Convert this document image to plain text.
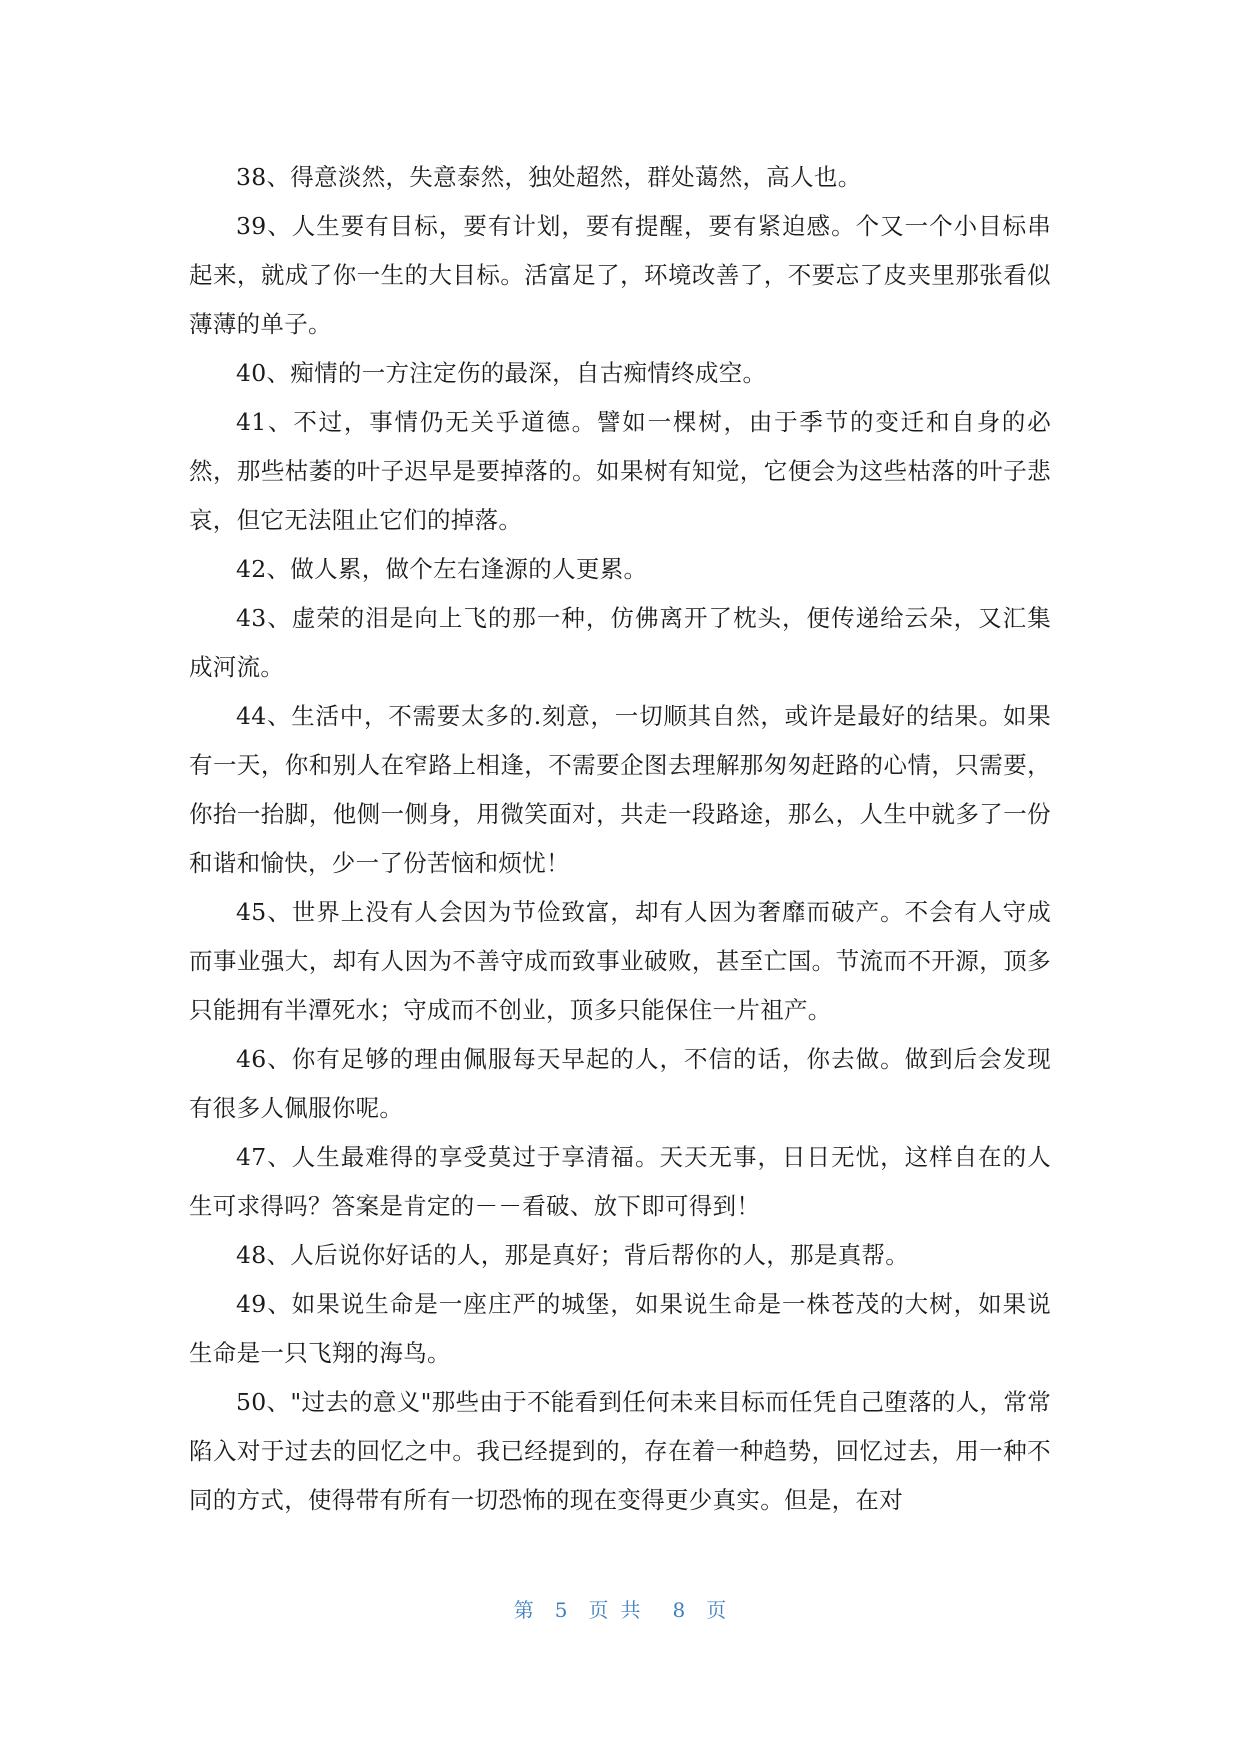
38、得意淡然，失意泰然，独处超然，群处蔼然，高人也。

39、人生要有目标，要有计划，要有提醒，要有紧迫感。个又一个小目标串起来，就成了你一生的大目标。活富足了，环境改善了，不要忘了皮夹里那张看似薄薄的单子。

40、痴情的一方注定伤的最深，自古痴情终成空。

41、不过，事情仍无关乎道德。譬如一棵树，由于季节的变迁和自身的必然，那些枯萎的叶子迟早是要掉落的。如果树有知觉，它便会为这些枯落的叶子悲哀，但它无法阻止它们的掉落。

42、做人累，做个左右逢源的人更累。

43、虚荣的泪是向上飞的那一种，仿佛离开了枕头，便传递给云朵，又汇集成河流。

44、生活中，不需要太多的.刻意，一切顺其自然，或许是最好的结果。如果有一天，你和别人在窄路上相逢，不需要企图去理解那匆匆赶路的心情，只需要，你抬一抬脚，他侧一侧身，用微笑面对，共走一段路途，那么，人生中就多了一份和谐和愉快，少一了份苦恼和烦忧！

45、世界上没有人会因为节俭致富，却有人因为奢靡而破产。不会有人守成而事业强大，却有人因为不善守成而致事业破败，甚至亡国。节流而不开源，顶多只能拥有半潭死水；守成而不创业，顶多只能保住一片祖产。

46、你有足够的理由佩服每天早起的人，不信的话，你去做。做到后会发现有很多人佩服你呢。

47、人生最难得的享受莫过于享清福。天天无事，日日无忧，这样自在的人生可求得吗？答案是肯定的－－看破、放下即可得到！

48、人后说你好话的人，那是真好；背后帮你的人，那是真帮。

49、如果说生命是一座庄严的城堡，如果说生命是一株苍茂的大树，如果说生命是一只飞翔的海鸟。

50、"过去的意义"那些由于不能看到任何未来目标而任凭自己堕落的人，常常陷入对于过去的回忆之中。我已经提到的，存在着一种趋势，回忆过去，用一种不同的方式，使得带有所有一切恐怖的现在变得更少真实。但是，在对

第 5 页共 8 页
